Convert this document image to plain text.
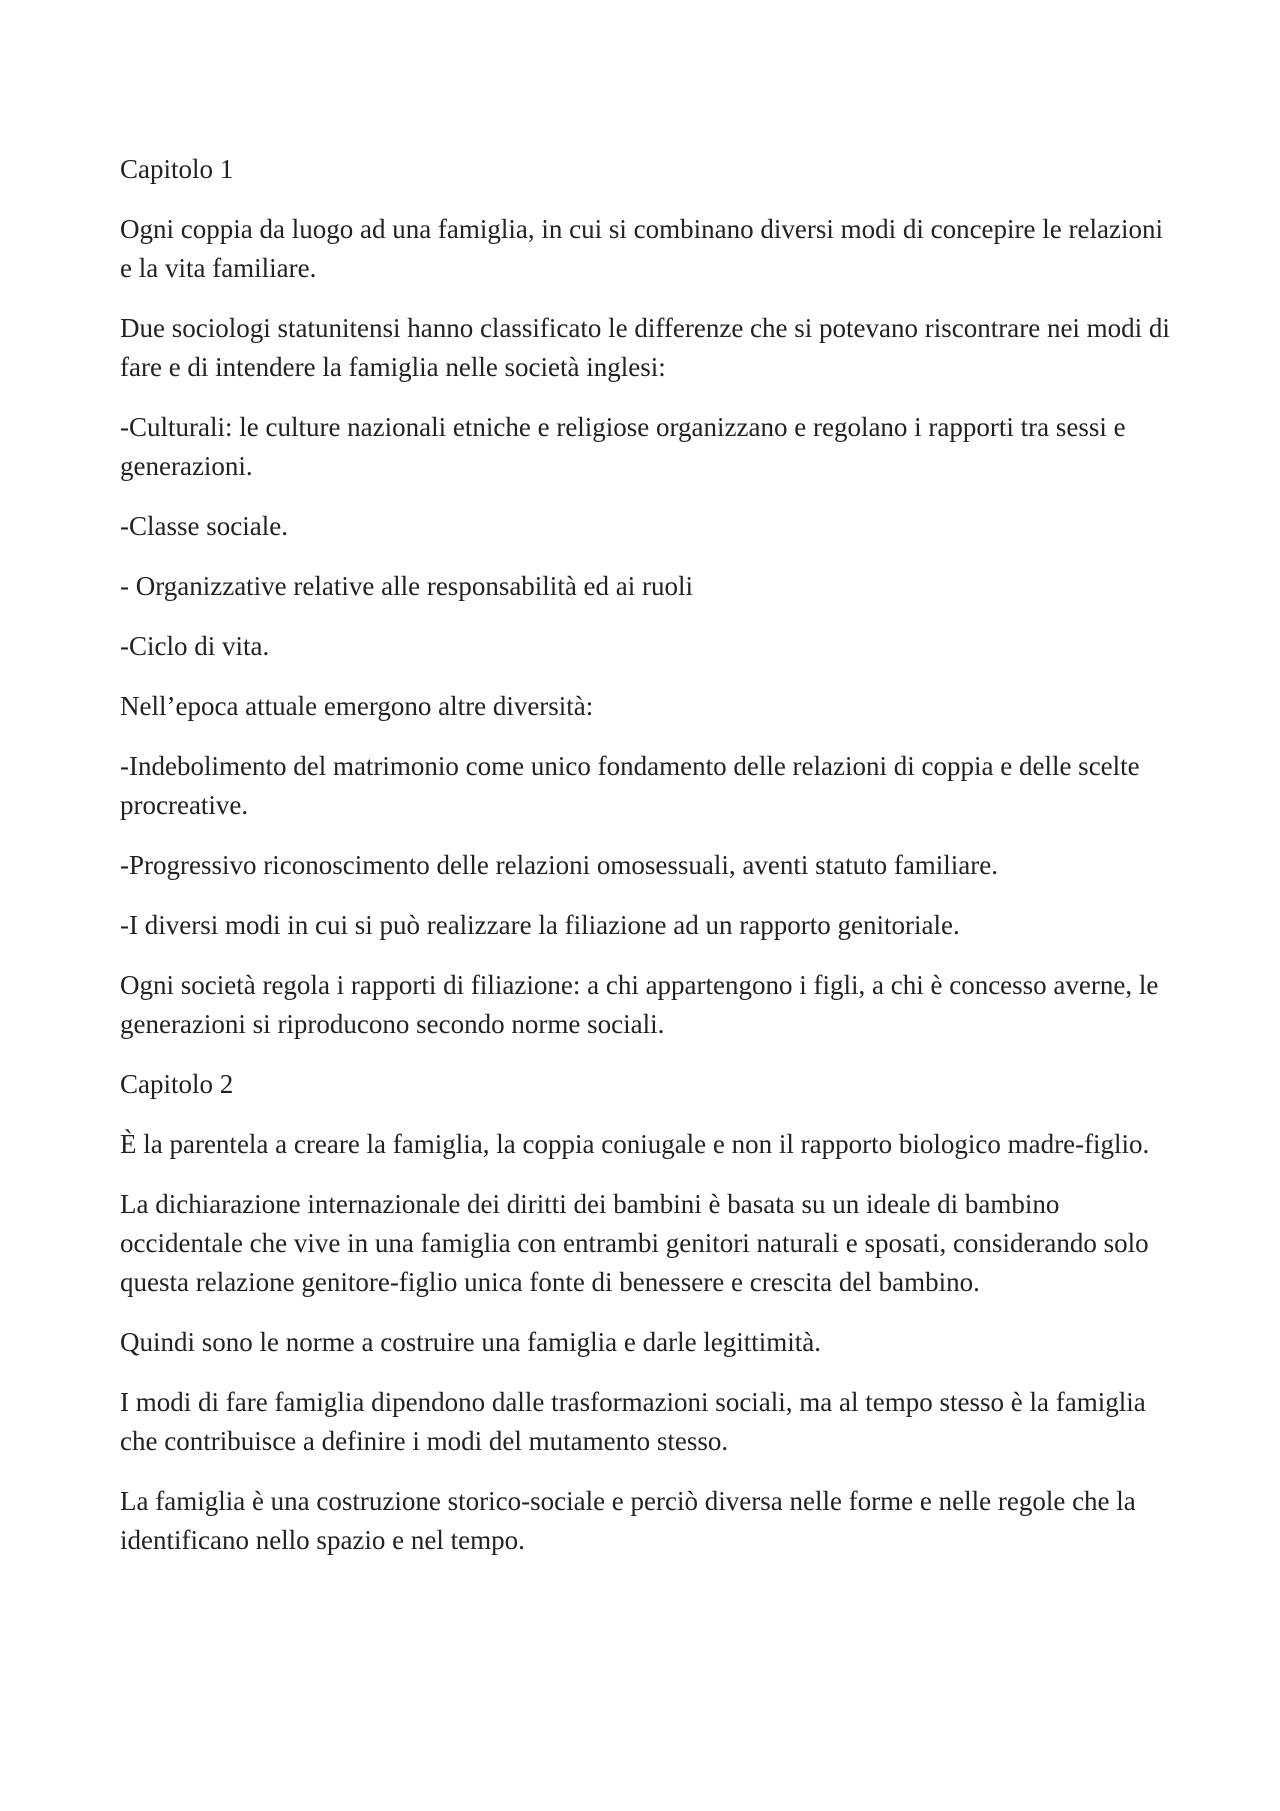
Capitolo 1

Ogni coppia da luogo ad una famiglia, in cui si combinano diversi modi di concepire le relazioni e la vita familiare.

Due sociologi statunitensi hanno classificato le differenze che si potevano riscontrare nei modi di fare e di intendere la famiglia nelle società inglesi:

-Culturali: le culture nazionali etniche e religiose organizzano e regolano i rapporti tra sessi e generazioni.

-Classe sociale.

- Organizzative relative alle responsabilità ed ai ruoli

-Ciclo di vita.

Nell’epoca attuale emergono altre diversità:

-Indebolimento del matrimonio come unico fondamento delle relazioni di coppia e delle scelte procreative.

-Progressivo riconoscimento delle relazioni omosessuali, aventi statuto familiare.

-I diversi modi in cui si può realizzare la filiazione ad un rapporto genitoriale.

Ogni società regola i rapporti di filiazione: a chi appartengono i figli, a chi è concesso averne, le generazioni si riproducono secondo norme sociali.

Capitolo 2

È la parentela a creare la famiglia, la coppia coniugale e non il rapporto biologico madre-figlio.

La dichiarazione internazionale dei diritti dei bambini è basata su un ideale di bambino occidentale che vive in una famiglia con entrambi genitori naturali e sposati, considerando solo questa relazione genitore-figlio unica fonte di benessere e crescita del bambino.

Quindi sono le norme a costruire una famiglia e darle legittimità.

I modi di fare famiglia dipendono dalle trasformazioni sociali, ma al tempo stesso è la famiglia che contribuisce a definire i modi del mutamento stesso.

La famiglia è una costruzione storico-sociale e perciò diversa nelle forme e nelle regole che la identificano nello spazio e nel tempo.
